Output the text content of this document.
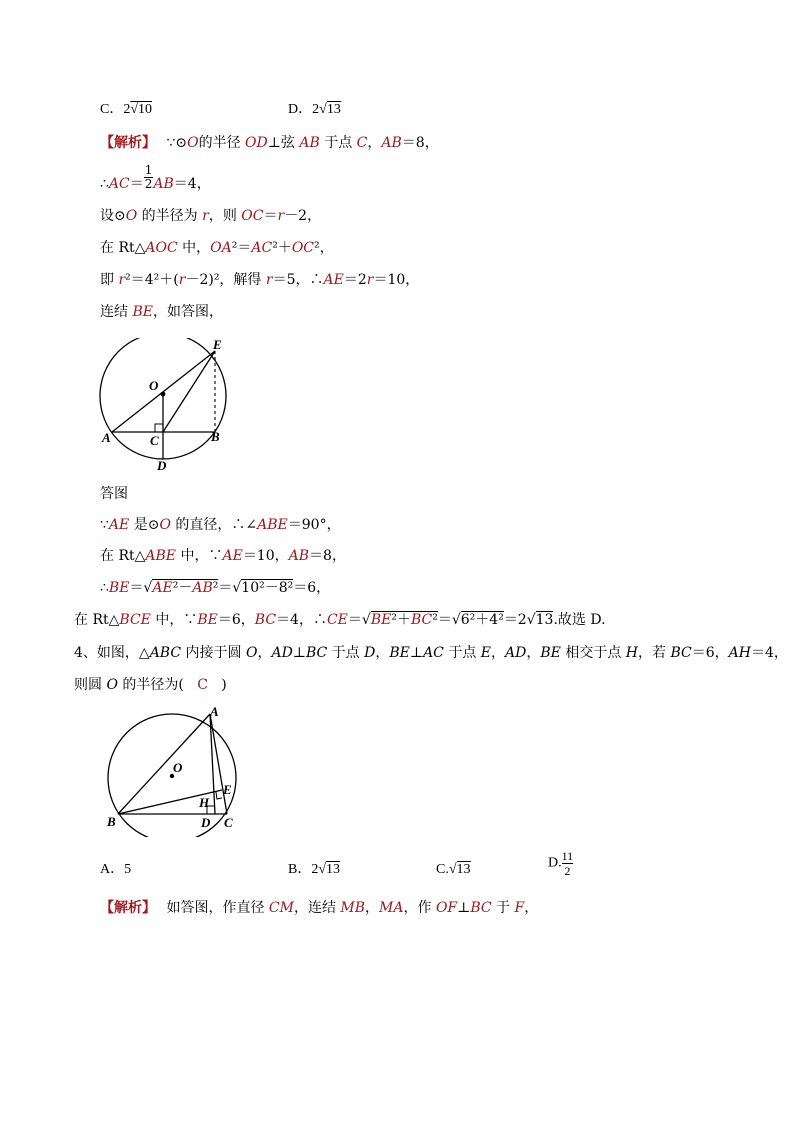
C．2√10	D．2√13
【解析】 ∵⊙O的半径 OD⊥弦 AB 于点 C，AB＝8，
∴AC＝ $\frac{1}{2} AB=4$，
设⊙O 的半径为 r，则 OC＝r－2，
在 Rt△AOC 中，OA²＝AC²＋OC²，
即 r²＝4²＋(r－2)²，解得 r＝5，∴AE＝2r＝10，
连结 BE，如答图，
E
O
A	C	B
D
答图
∵AE 是⊙O 的直径，∴∠ABE＝90°，
在 Rt△ABE 中，∵AE＝10，AB＝8，
∴BE＝√AE²－AB²＝√10²－8²＝6，
在 Rt△BCE 中，∵BE＝6，BC＝4，∴CE＝√BE²＋BC²＝√6²＋4²＝2√13.故选 D.
4、如图，△ABC 内接于圆 O，AD⊥BC 于点 D，BE⊥AC 于点 E，AD，BE 相交于点 H，若 BC＝6，AH＝4，
则圆 O 的半径为(   C   )
A
O
E
H
B	D C
A．5	B．2√13	C.√13	D. $\frac{11}{2}$
【解析】 如答图，作直径 CM，连结 MB，MA，作 OF⊥BC 于 F，
